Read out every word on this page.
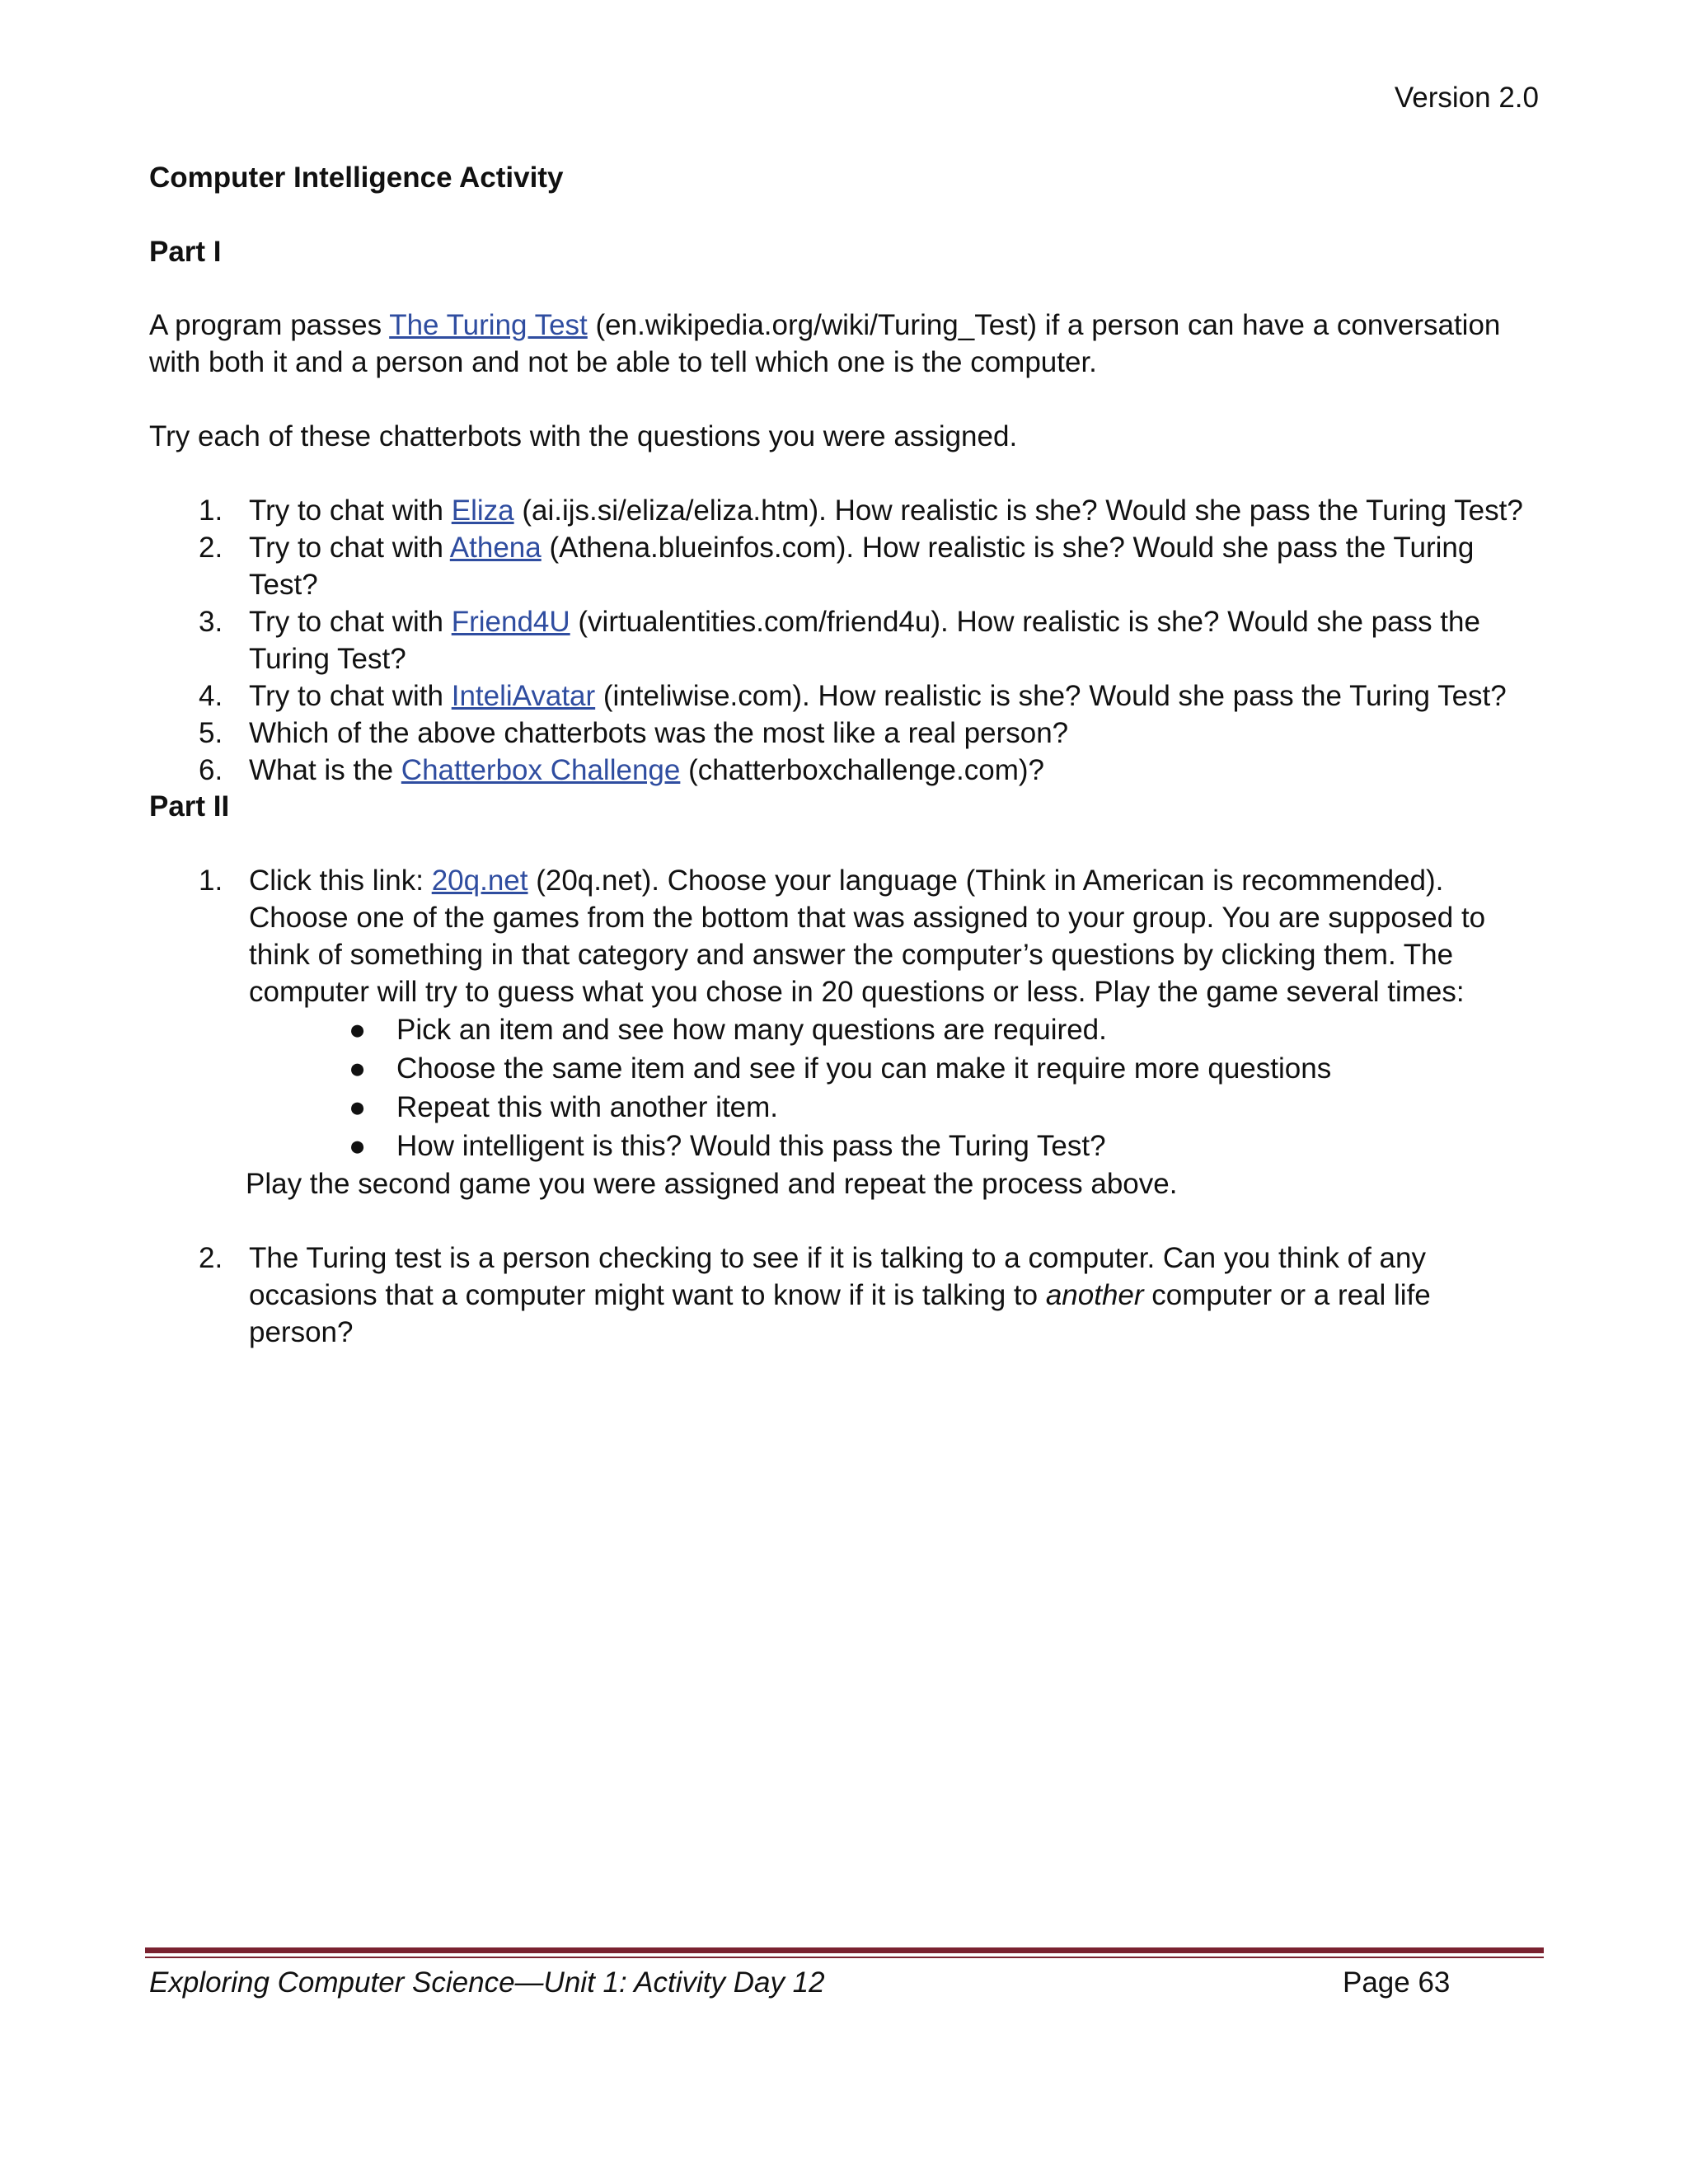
Version 2.0
Computer Intelligence Activity
Part I
A program passes The Turing Test (en.wikipedia.org/wiki/Turing_Test) if a person can have a conversation with both it and a person and not be able to tell which one is the computer.
Try each of these chatterbots with the questions you were assigned.
1. Try to chat with Eliza (ai.ijs.si/eliza/eliza.htm). How realistic is she? Would she pass the Turing Test?
2. Try to chat with Athena (Athena.blueinfos.com). How realistic is she? Would she pass the Turing Test?
3. Try to chat with Friend4U (virtualentities.com/friend4u). How realistic is she? Would she pass the Turing Test?
4. Try to chat with InteliAvatar (inteliwise.com). How realistic is she? Would she pass the Turing Test?
5. Which of the above chatterbots was the most like a real person?
6. What is the Chatterbox Challenge (chatterboxchallenge.com)?
Part II
1. Click this link: 20q.net (20q.net). Choose your language (Think in American is recommended). Choose one of the games from the bottom that was assigned to your group. You are supposed to think of something in that category and answer the computer’s questions by clicking them. The computer will try to guess what you chose in 20 questions or less. Play the game several times:
● Pick an item and see how many questions are required.
● Choose the same item and see if you can make it require more questions
● Repeat this with another item.
● How intelligent is this? Would this pass the Turing Test?
Play the second game you were assigned and repeat the process above.
2. The Turing test is a person checking to see if it is talking to a computer. Can you think of any occasions that a computer might want to know if it is talking to another computer or a real life person?
Exploring Computer Science—Unit 1: Activity Day 12	Page 63
